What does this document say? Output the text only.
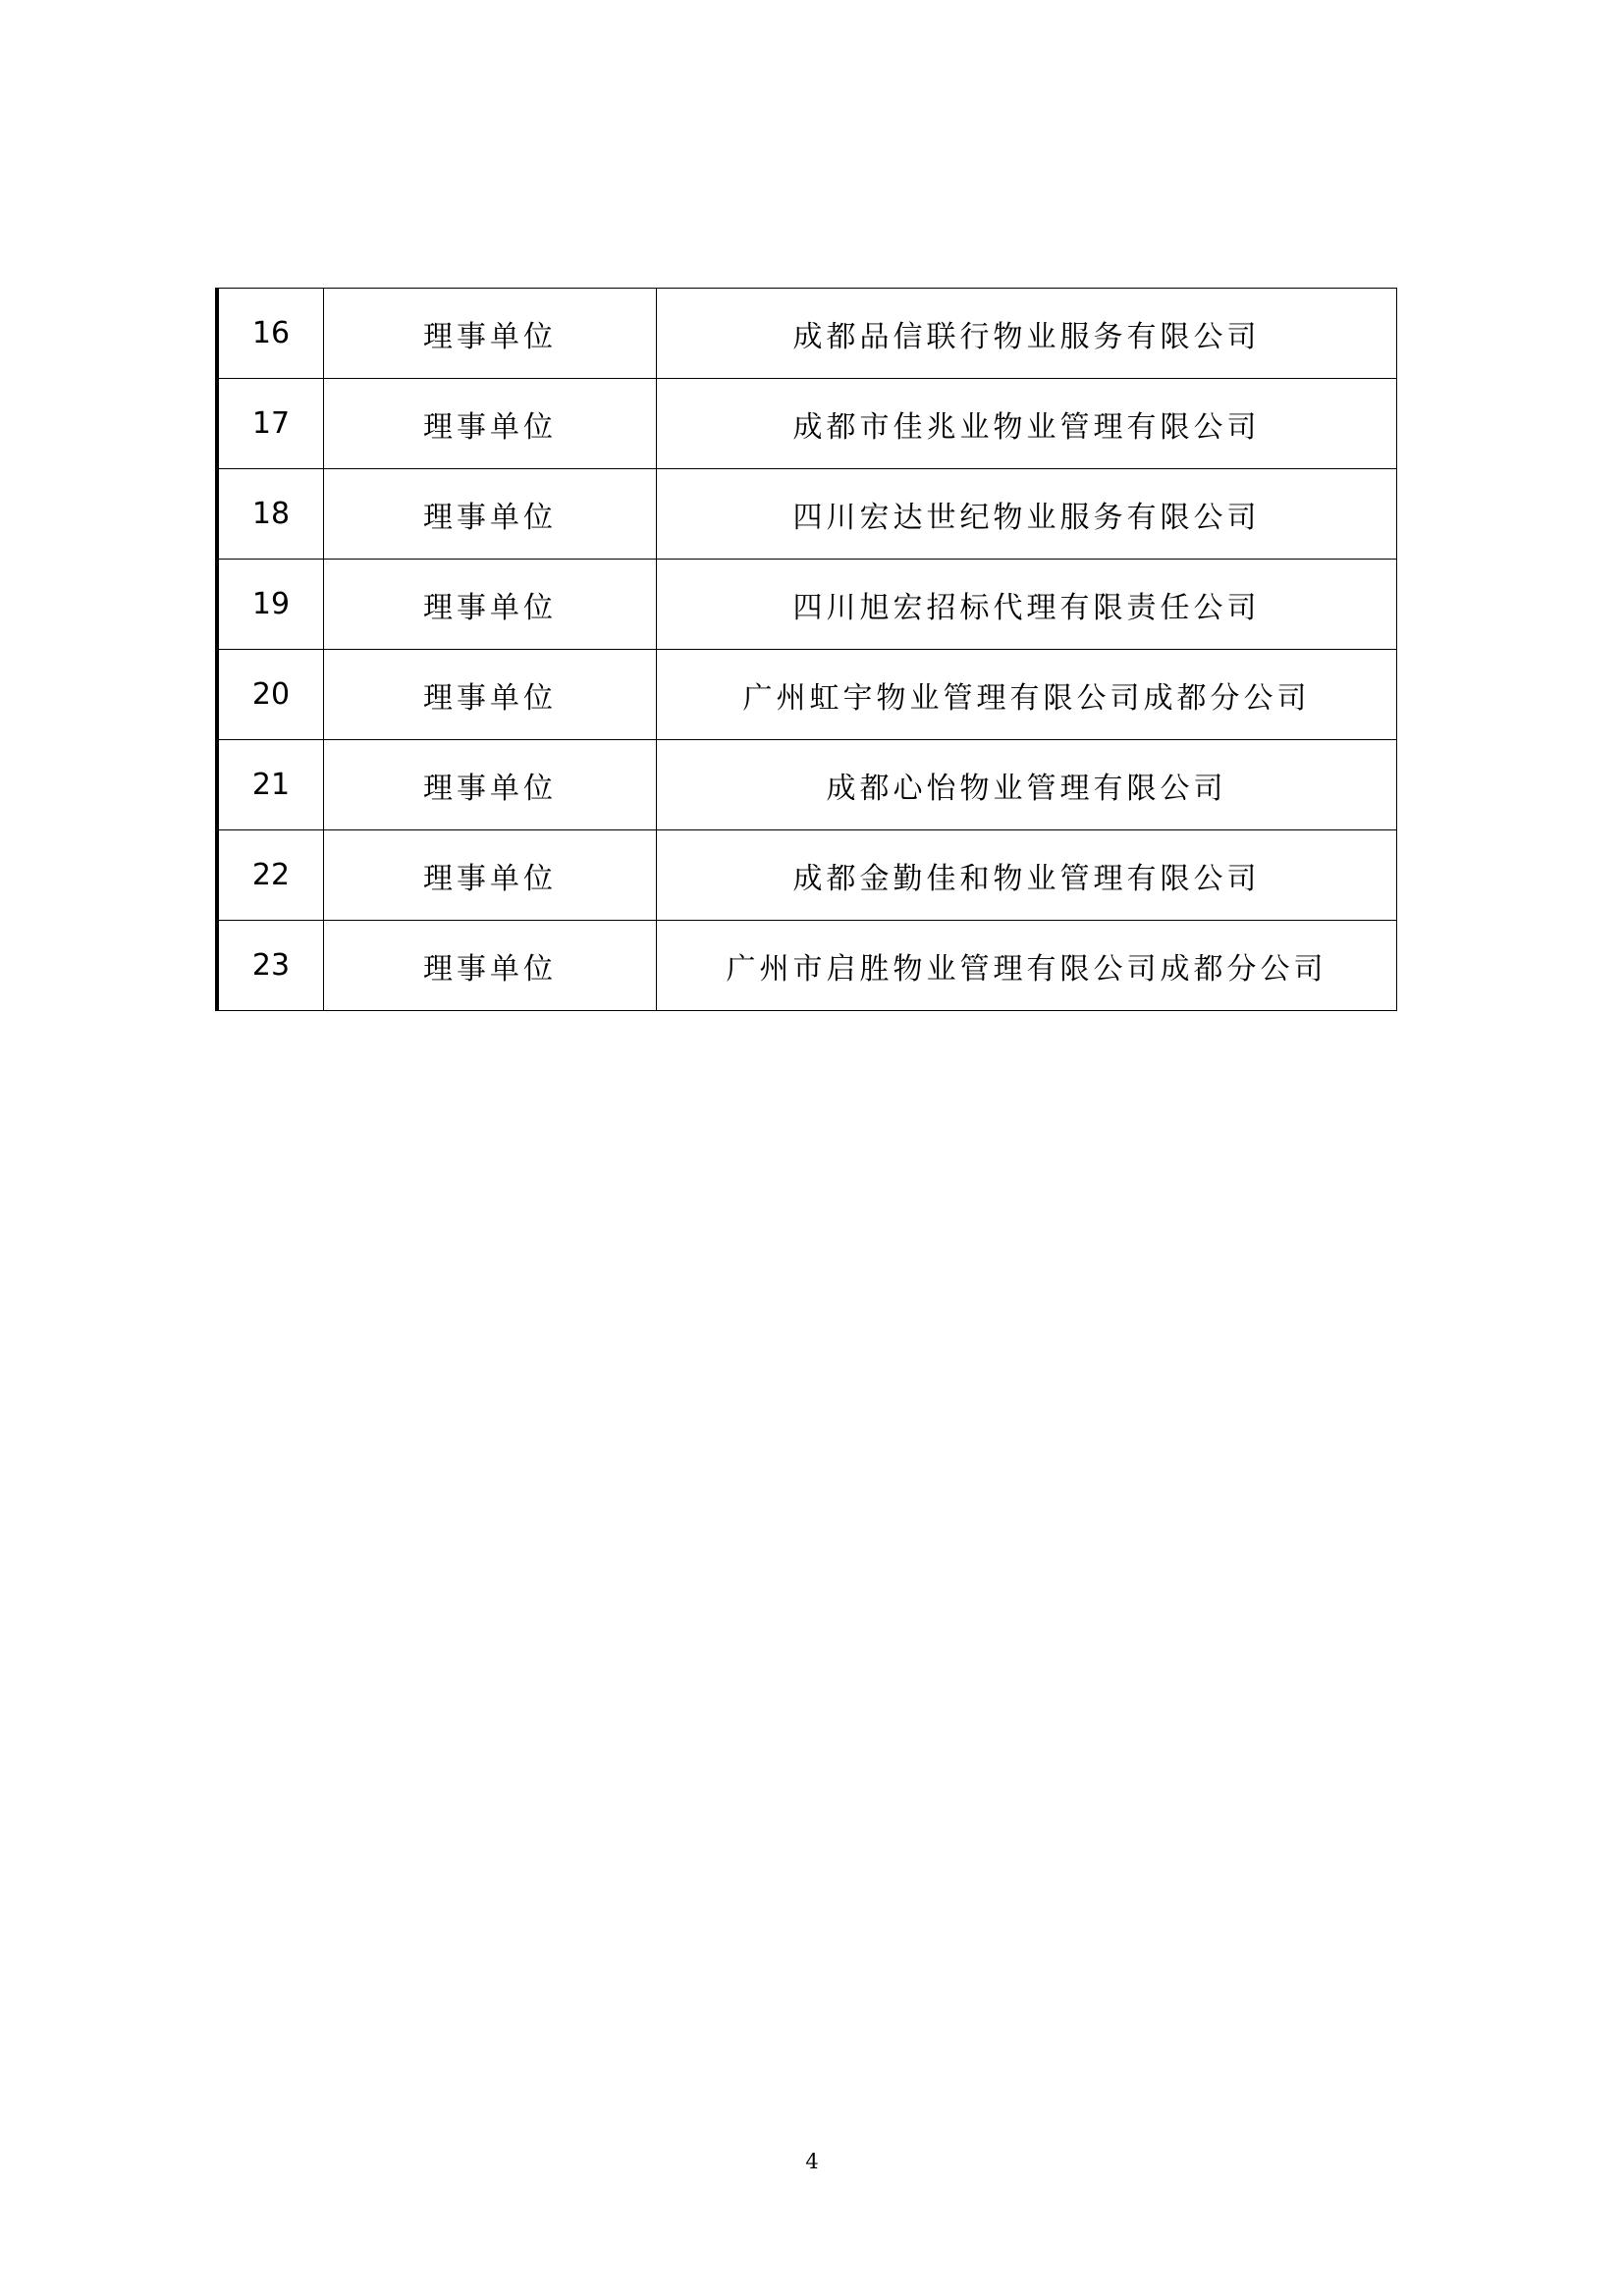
16	理事单位	成都品信联行物业服务有限公司
17	理事单位	成都市佳兆业物业管理有限公司
18	理事单位	四川宏达世纪物业服务有限公司
19	理事单位	四川旭宏招标代理有限责任公司
20	理事单位	广州虹宇物业管理有限公司成都分公司
21	理事单位	成都心怡物业管理有限公司
22	理事单位	成都金勤佳和物业管理有限公司
23	理事单位	广州市启胜物业管理有限公司成都分公司
4
